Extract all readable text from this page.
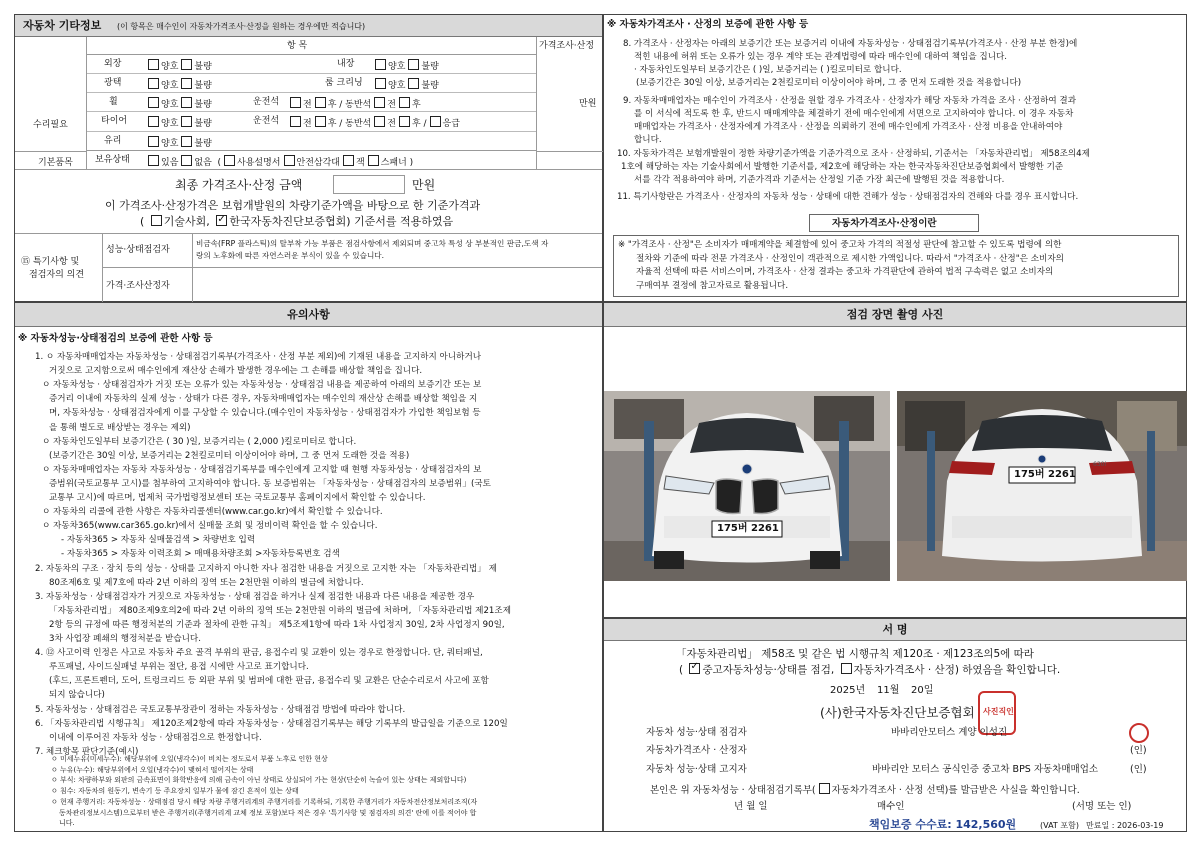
자동차 기타정보 (이 항목은 매수인이 자동차가격조사·산정을 원하는 경우에만 적습니다)
수리필요
기본품목
항 목	가격조사·산정
만원
외장	양호 불량	내장	양호 불량
광택	양호 불량	룸 크리닝	양호 불량
휠	양호 불량	운전석	전 후 / 동반석 전 후
타이어	양호 불량	운전석	전 후 / 동반석 전 후 / 응급
유리	양호 불량
보유상태	있음 없음 ( 사용설명서 안전삼각대 잭 스패너 )
최종 가격조사·산정 금액	만원
이 가격조사·산정가격은 보험개발원의 차량기준가액을 바탕으로 한 기준가격과
( 기술사회, ✓ 한국자동차진단보증협회) 기준서를 적용하였음
⑮ 특기사항 및
점검자의 의견
성능·상태점검자
비금속(FRP 플라스틱)의 탈부착 가능 부품은 점검사항에서 제외되며 중고차 특성 상 부분적인 판금,도색 자
랑의 노후화에 따른 자연스러운 부식이 있을 수 있습니다.
가격·조사산정자
※ 자동차가격조사 · 산정의 보증에 관한 사항 등
8. 가격조사 · 산정자는 아래의 보증기간 또는 보증거리 이내에 자동차성능 · 상태점검기록부(가격조사 · 산정 부분 한정)에
적힌 내용에 허위 또는 오류가 있는 경우 계약 또는 관계법령에 따라 매수인에 대하여 책임을 집니다.
· 자동차인도일부터 보증기간은 ( )일, 보증거리는 ( )킬로미터로 합니다.
(보증기간은 30일 이상, 보증거리는 2천킬로미터 이상이어야 하며, 그 중 먼저 도래한 것을 적용합니다)
9. 자동차매매업자는 매수인이 가격조사 · 산정을 원할 경우 가격조사 · 산정자가 해당 자동차 가격을 조사 · 산정하여 결과
를 이 서식에 적도록 한 후, 반드시 매매계약을 체결하기 전에 매수인에게 서면으로 고지하여야 합니다. 이 경우 자동차
매매업자는 가격조사 · 산정자에게 가격조사 · 산정을 의뢰하기 전에 매수인에게 가격조사 · 산정 비용을 안내하여야
합니다.
10. 자동차가격은 보험개발원이 정한 차량기준가액을 기준가격으로 조사 · 산정하되, 기준서는 「자동차관리법」 제58조의4제
1호에 해당하는 자는 기술사회에서 발행한 기준서를, 제2호에 해당하는 자는 한국자동차진단보증협회에서 발행한 기준
서를 각각 적용하여야 하며, 기준가격과 기준서는 산정일 기준 가장 최근에 발행된 것을 적용합니다.
11. 특기사항란은 가격조사 · 산정자의 자동차 성능 · 상태에 대한 견해가 성능 · 상태점검자의 견해와 다를 경우 표시합니다.
자동차가격조사·산정이란
※ "가격조사 · 산정"은 소비자가 매매계약을 체결함에 있어 중고차 가격의 적절성 판단에 참고할 수 있도록 법령에 의한
절차와 기준에 따라 전문 가격조사 · 산정인이 객관적으로 제시한 가액입니다. 따라서 "가격조사 · 산정"은 소비자의
자율적 선택에 따른 서비스이며, 가격조사 · 산정 결과는 중고차 가격판단에 관하여 법적 구속력은 없고 소비자의
구매여부 결정에 참고자료로 활용됩니다.
유의사항
※ 자동차성능·상태점검의 보증에 관한 사항 등
1. ㅇ 자동차매매업자는 자동차성능 · 상태점검기록부(가격조사 · 산정 부분 제외)에 기재된 내용을 고지하지 아니하거나
거짓으로 고지함으로써 매수인에게 재산상 손해가 발생한 경우에는 그 손해를 배상할 책임을 집니다.
ㅇ 자동차성능 · 상태점검자가 거짓 또는 오류가 있는 자동차성능 · 상태점검 내용을 제공하여 아래의 보증기간 또는 보
증거리 이내에 자동차의 실제 성능 · 상태가 다른 경우, 자동차매매업자는 매수인의 재산상 손해를 배상할 책임을 지
며, 자동차성능 · 상태점검자에게 이를 구상할 수 있습니다.(매수인이 자동차성능 · 상태점검자가 가입한 책임보험 등
을 통해 별도로 배상받는 경우는 제외)
ㅇ 자동차인도일부터 보증기간은 ( 30 )일, 보증거리는 ( 2,000 )킬로미터로 합니다.
(보증기간은 30일 이상, 보증거리는 2천킬로미터 이상이어야 하며, 그 중 먼저 도래한 것을 적용)
ㅇ 자동차매매업자는 자동차 자동차성능 · 상태점검기록부를 매수인에게 고지할 때 현행 자동차성능 · 상태점검자의 보
증범위(국토교통부 고시)를 첨부하여 고지하여야 합니다. 동 보증범위는 「자동차성능 · 상태점검자의 보증범위」(국토
교통부 고시)에 따르며, 법제처 국가법령정보센터 또는 국토교통부 홈페이지에서 확인할 수 있습니다.
ㅇ 자동차의 리콜에 관한 사항은 자동차리콜센터(www.car.go.kr)에서 확인할 수 있습니다.
ㅇ 자동차365(www.car365.go.kr)에서 실매물 조회 및 정비이력 확인을 할 수 있습니다.
- 자동차365 > 자동차 실매물검색 > 차량번호 입력
- 자동차365 > 자동차 이력조회 > 매매용차량조회 >자동차등록번호 검색
2. 자동차의 구조 · 장치 등의 성능 · 상태를 고지하지 아니한 자나 점검한 내용을 거짓으로 고지한 자는 「자동차관리법」 제
80조제6호 및 제7호에 따라 2년 이하의 징역 또는 2천만원 이하의 벌금에 처합니다.
3. 자동차성능 · 상태점검자가 거짓으로 자동차성능 · 상태 점검을 하거나 실제 점검한 내용과 다른 내용을 제공한 경우
「자동차관리법」 제80조제9호의2에 따라 2년 이하의 징역 또는 2천만원 이하의 벌금에 처하며, 「자동차관리법 제21조제
2항 등의 규정에 따른 행정처분의 기준과 절차에 관한 규칙」 제5조제1항에 따라 1차 사업정지 30일, 2차 사업정지 90일,
3차 사업장 폐쇄의 행정처분을 받습니다.
4. ⑫ 사고이력 인정은 사고로 자동차 주요 골격 부위의 판금, 용접수리 및 교환이 있는 경우로 한정합니다. 단, 쿼터패널,
루프패널, 사이드실패널 부위는 절단, 용접 시에만 사고로 표기합니다.
(후드, 프론트펜더, 도어, 트렁크리드 등 외판 부위 및 범퍼에 대한 판금, 용접수리 및 교환은 단순수리로서 사고에 포함
되지 않습니다)
5. 자동차성능 · 상태점검은 국토교통부장관이 정하는 자동차성능 · 상태점검 방법에 따라야 합니다.
6. 「자동차관리법 시행규칙」 제120조제2항에 따라 자동차성능 · 상태점검기록부는 해당 기록부의 발급일을 기준으로 120일
이내에 이루어진 자동차 성능 · 상태점검으로 한정합니다.
7. 체크항목 판단기준(예시)
ㅇ 미세누유(미세누수): 해당부위에 오일(냉각수)이 비치는 정도로서 부품 노후로 인한 현상
ㅇ 누유(누수): 해당부위에서 오일(냉각수)이 맺혀서 떨어지는 상태
ㅇ 부식: 차량하부와 외판의 금속표면이 화학반응에 의해 금속이 아닌 상태로 상실되어 가는 현상(단순히 녹슬어 있는 상태는 제외합니다)
ㅇ 침수: 자동차의 원동기, 변속기 등 주요장치 일부가 물에 잠긴 흔적이 있는 상태
ㅇ 현재 주행거리: 자동차성능 · 상태점검 당시 해당 차량 주행거리계의 주행거리를 기록하되, 기록한 주행거리가 자동차전산정보처리조직(자
동차관리정보시스템)으로부터 받은 주행거리(주행거리계 교체 정보 포함)보다 적은 경우 '특기사항 및 점검자의 의견' 란에 이를 적어야 합
니다.
점검 장면 촬영 사진
175버 2261
175버 2261
630i
서 명
「자동차관리법」 제58조 및 같은 법 시행규칙 제120조 · 제123조의5에 따라
( ✓ 중고자동차성능·상태를 점검, 자동차가격조사 · 산정) 하였음을 확인합니다.
2025년 11월 20일
(사)한국자동차진단보증협회 사진직인
자동차 성능·상태 점검자	바바리안모터스 계양 이성진
자동차가격조사 · 산정자	(인)
자동차 성능·상태 고지자	바바리안 모터스 공식인증 중고차 BPS 자동차매매업소	(인)
본인은 위 자동차성능 · 상태점검기록부( 자동차가격조사 · 산정 선택)를 발급받은 사실을 확인합니다.
년 월 일	매수인	(서명 또는 인)
책임보증 수수료: 142,560원	(VAT 포함) 만료일 : 2026-03-19
